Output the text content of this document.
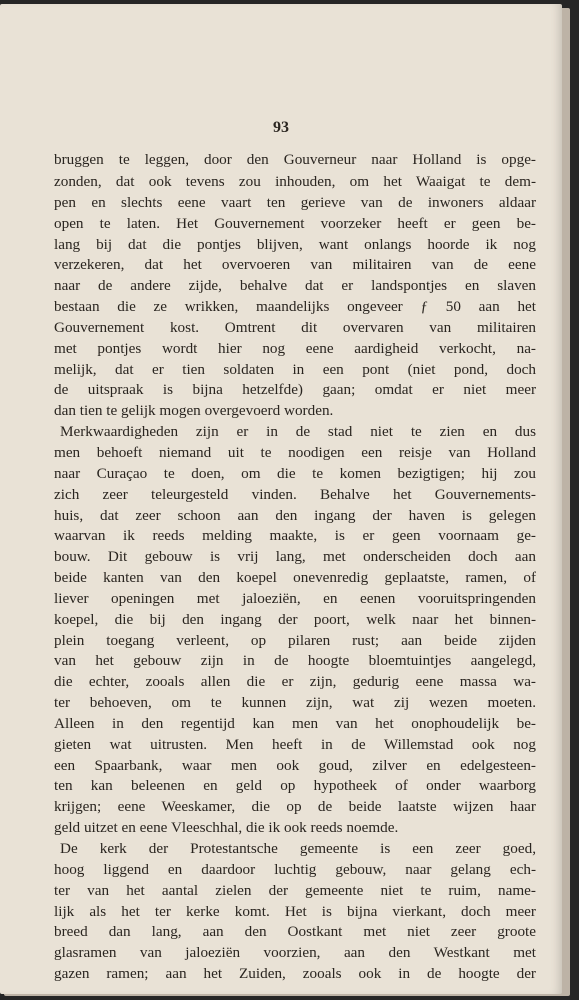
93
bruggen te leggen, door den Gouverneur naar Holland is opge-
zonden, dat ook tevens zou inhouden, om het Waaigat te dem-
pen en slechts eene vaart ten gerieve van de inwoners aldaar
open te laten. Het Gouvernement voorzeker heeft er geen be-
lang bij dat die pontjes blijven, want onlangs hoorde ik nog
verzekeren, dat het overvoeren van militairen van de eene
naar de andere zijde, behalve dat er landspontjes en slaven
bestaan die ze wrikken, maandelijks ongeveer ƒ 50 aan het
Gouvernement kost. Omtrent dit overvaren van militairen
met pontjes wordt hier nog eene aardigheid verkocht, na-
melijk, dat er tien soldaten in een pont (niet pond, doch
de uitspraak is bijna hetzelfde) gaan; omdat er niet meer
dan tien te gelijk mogen overgevoerd worden.
Merkwaardigheden zijn er in de stad niet te zien en dus
men behoeft niemand uit te noodigen een reisje van Holland
naar Curaçao te doen, om die te komen bezigtigen; hij zou
zich zeer teleurgesteld vinden. Behalve het Gouvernements-
huis, dat zeer schoon aan den ingang der haven is gelegen
waarvan ik reeds melding maakte, is er geen voornaam ge-
bouw. Dit gebouw is vrij lang, met onderscheiden doch aan
beide kanten van den koepel onevenredig geplaatste, ramen, of
liever openingen met jaloeziën, en eenen vooruitspringenden
koepel, die bij den ingang der poort, welk naar het binnen-
plein toegang verleent, op pilaren rust; aan beide zijden
van het gebouw zijn in de hoogte bloemtuintjes aangelegd,
die echter, zooals allen die er zijn, gedurig eene massa wa-
ter behoeven, om te kunnen zijn, wat zij wezen moeten.
Alleen in den regentijd kan men van het onophoudelijk be-
gieten wat uitrusten. Men heeft in de Willemstad ook nog
een Spaarbank, waar men ook goud, zilver en edelgesteen-
ten kan beleenen en geld op hypotheek of onder waarborg
krijgen; eene Weeskamer, die op de beide laatste wijzen haar
geld uitzet en eene Vleeschhal, die ik ook reeds noemde.
De kerk der Protestantsche gemeente is een zeer goed,
hoog liggend en daardoor luchtig gebouw, naar gelang ech-
ter van het aantal zielen der gemeente niet te ruim, name-
lijk als het ter kerke komt. Het is bijna vierkant, doch meer
breed dan lang, aan den Oostkant met niet zeer groote
glasramen van jaloeziën voorzien, aan den Westkant met
gazen ramen; aan het Zuiden, zooals ook in de hoogte der
